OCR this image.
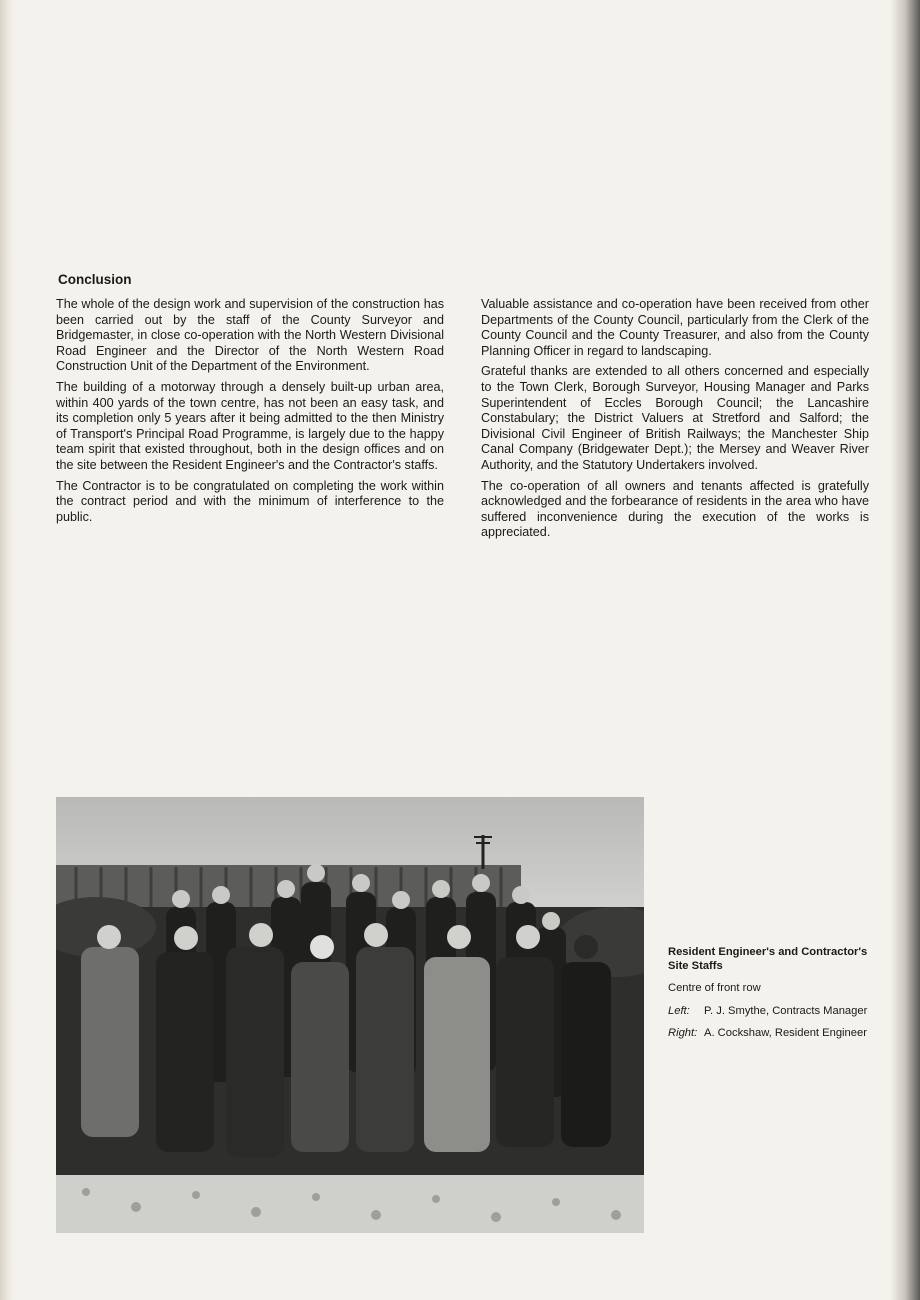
Conclusion

The whole of the design work and supervision of the construction has been carried out by the staff of the County Surveyor and Bridgemaster, in close co-operation with the North Western Divisional Road Engineer and the Director of the North Western Road Construction Unit of the Department of the Environment.

The building of a motorway through a densely built-up urban area, within 400 yards of the town centre, has not been an easy task, and its completion only 5 years after it being admitted to the then Ministry of Transport's Principal Road Programme, is largely due to the happy team spirit that existed throughout, both in the design offices and on the site between the Resident Engineer's and the Contractor's staffs.

The Contractor is to be congratulated on completing the work within the contract period and with the minimum of interference to the public.

Valuable assistance and co-operation have been received from other Departments of the County Council, particularly from the Clerk of the County Council and the County Treasurer, and also from the County Planning Officer in regard to landscaping.

Grateful thanks are extended to all others concerned and especially to the Town Clerk, Borough Surveyor, Housing Manager and Parks Superintendent of Eccles Borough Council; the Lancashire Constabulary; the District Valuers at Stretford and Salford; the Divisional Civil Engineer of British Railways; the Manchester Ship Canal Company (Bridgewater Dept.); the Mersey and Weaver River Authority, and the Statutory Undertakers involved.

The co-operation of all owners and tenants affected is gratefully acknowledged and the forbearance of residents in the area who have suffered inconvenience during the execution of the works is appreciated.

Resident Engineer's and Contractor's Site Staffs

Centre of front row

Left:	P. J. Smythe, Contracts Manager
Right: A. Cockshaw, Resident Engineer
